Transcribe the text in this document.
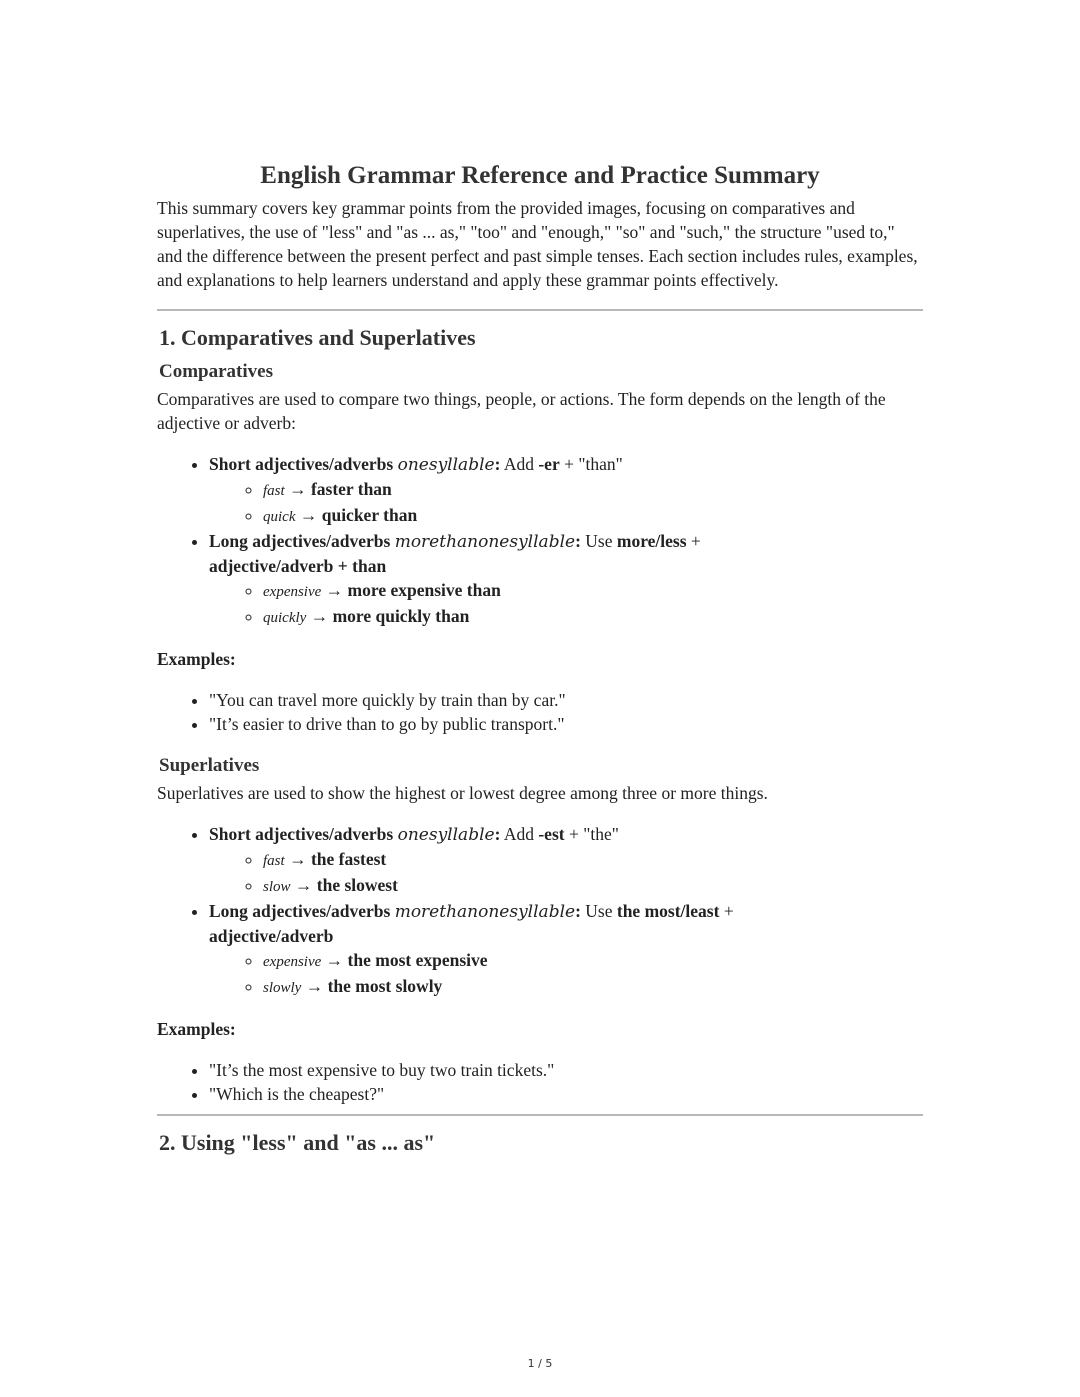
English Grammar Reference and Practice Summary

This summary covers key grammar points from the provided images, focusing on comparatives and superlatives, the use of "less" and "as ... as," "too" and "enough," "so" and "such," the structure "used to," and the difference between the present perfect and past simple tenses. Each section includes rules, examples, and explanations to help learners understand and apply these grammar points effectively.

1. Comparatives and Superlatives
Comparatives

Comparatives are used to compare two things, people, or actions. The form depends on the length of the adjective or adverb:

• Short adjectives/adverbs onesyllable: Add -er + "than"
◦ fast → faster than
◦ quick → quicker than
• Long adjectives/adverbs morethanonesyllable: Use more/less +
adjective/adverb + than
◦ expensive → more expensive than
◦ quickly → more quickly than

Examples:

• "You can travel more quickly by train than by car."
• "It’s easier to drive than to go by public transport."
Superlatives

Superlatives are used to show the highest or lowest degree among three or more things.

• Short adjectives/adverbs onesyllable: Add -est + "the"
◦ fast → the fastest
◦ slow → the slowest
• Long adjectives/adverbs morethanonesyllable: Use the most/least +
adjective/adverb
◦ expensive → the most expensive
◦ slowly → the most slowly

Examples:

• "It’s the most expensive to buy two train tickets."
• "Which is the cheapest?"
2. Using "less" and "as ... as"
1 / 5
